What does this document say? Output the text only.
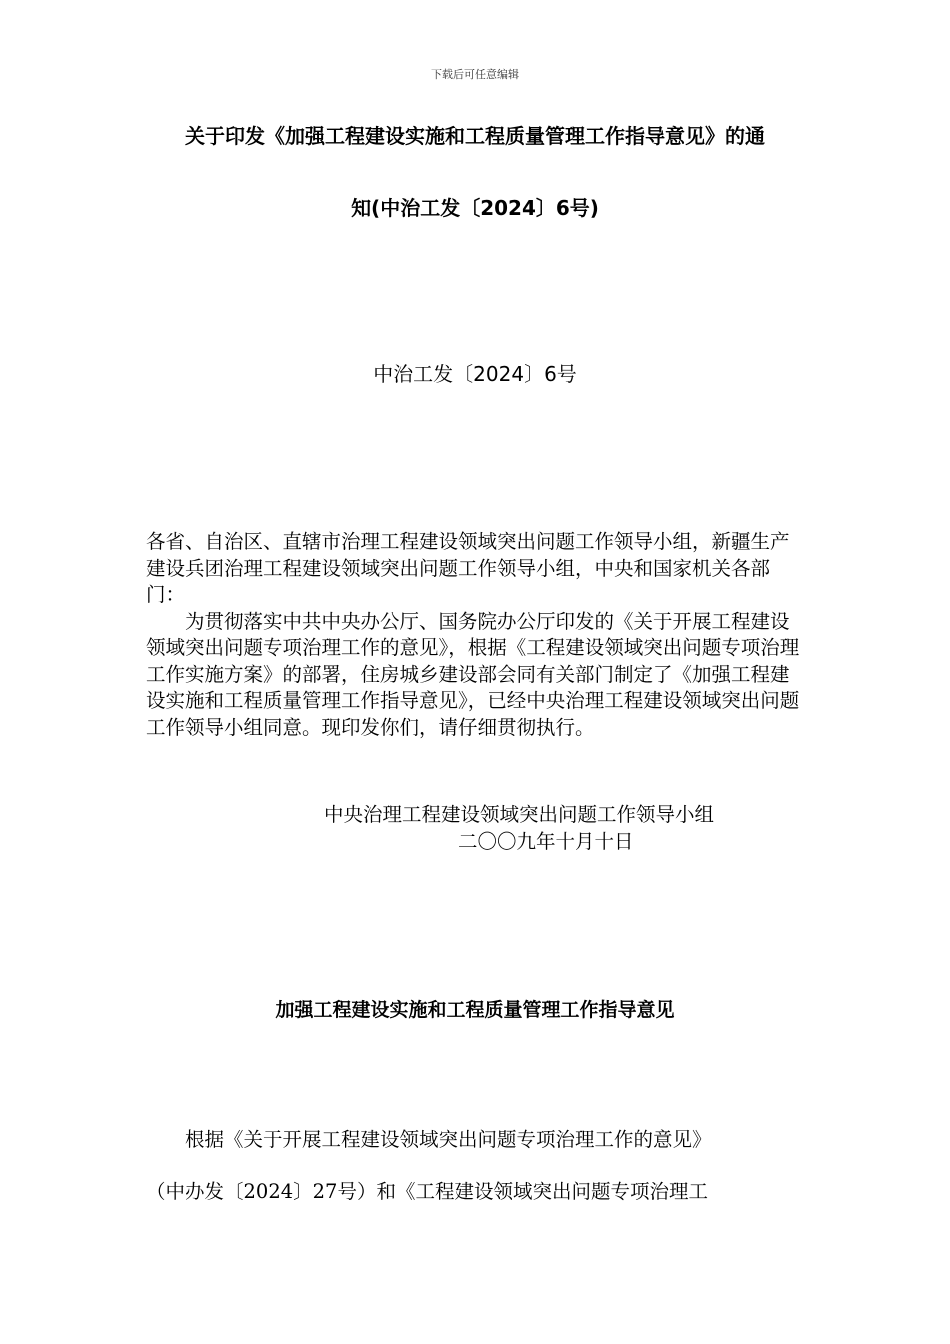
下载后可任意编辑
关于印发《加强工程建设实施和工程质量管理工作指导意见》的通
知(中治工发〔2024〕6号)
中治工发〔2024〕6号

各省、自治区、直辖市治理工程建设领域突出问题工作领导小组，新疆生产建设兵团治理工程建设领域突出问题工作领导小组，中央和国家机关各部门：

为贯彻落实中共中央办公厅、国务院办公厅印发的《关于开展工程建设领域突出问题专项治理工作的意见》，根据《工程建设领域突出问题专项治理工作实施方案》的部署，住房城乡建设部会同有关部门制定了《加强工程建设实施和工程质量管理工作指导意见》，已经中央治理工程建设领域突出问题工作领导小组同意。现印发你们，请仔细贯彻执行。

中央治理工程建设领域突出问题工作领导小组
二〇〇九年十月十日
加强工程建设实施和工程质量管理工作指导意见
根据《关于开展工程建设领域突出问题专项治理工作的意见》
（中办发〔2024〕27号）和《工程建设领域突出问题专项治理工
